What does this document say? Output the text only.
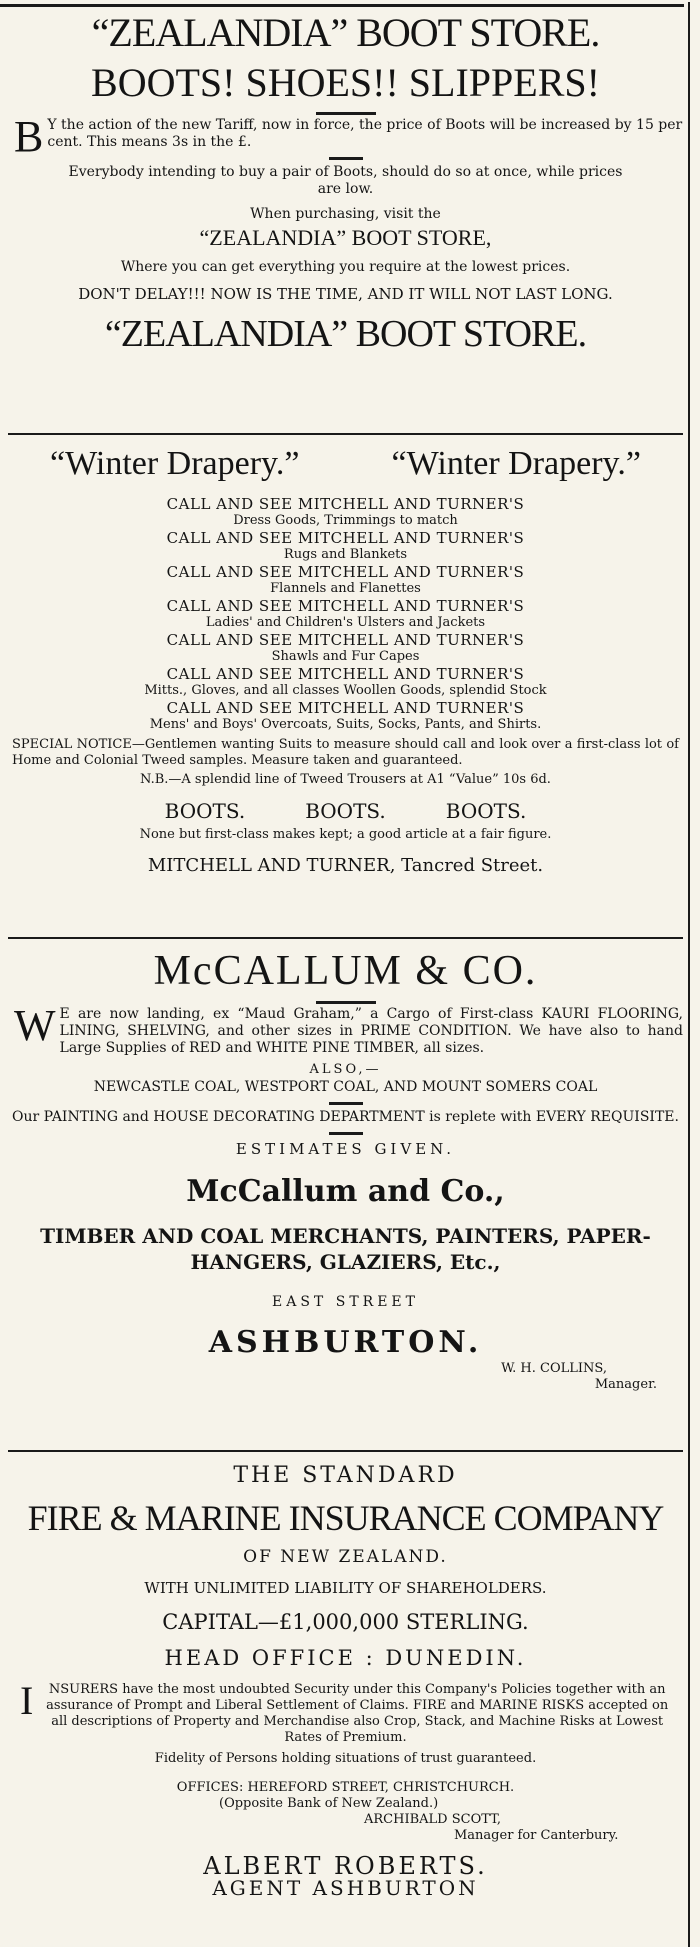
“ZEALANDIA” BOOT STORE.
BOOTS! SHOES!! SLIPPERS!
B Y the action of the new Tariff, now in force, the price of Boots will be increased by 15 per cent. This means 3s in the £.
Everybody intending to buy a pair of Boots, should do so at once, while prices are low.
When purchasing, visit the
“ZEALANDIA” BOOT STORE,
Where you can get everything you require at the lowest prices.
DON'T DELAY!!! NOW IS THE TIME, AND IT WILL NOT LAST LONG.
“ZEALANDIA” BOOT STORE.
“Winter Drapery.”	“Winter Drapery.”
CALL AND SEE MITCHELL AND TURNER'S
Dress Goods, Trimmings to match
CALL AND SEE MITCHELL AND TURNER'S
Rugs and Blankets
CALL AND SEE MITCHELL AND TURNER'S
Flannels and Flanettes
CALL AND SEE MITCHELL AND TURNER'S
Ladies' and Children's Ulsters and Jackets
CALL AND SEE MITCHELL AND TURNER'S
Shawls and Fur Capes
CALL AND SEE MITCHELL AND TURNER'S
Mitts., Gloves, and all classes Woollen Goods, splendid Stock
CALL AND SEE MITCHELL AND TURNER'S
Mens' and Boys' Overcoats, Suits, Socks, Pants, and Shirts.
SPECIAL NOTICE—Gentlemen wanting Suits to measure should call and look over a first-class lot of Home and Colonial Tweed samples. Measure taken and guaranteed.
N.B.—A splendid line of Tweed Trousers at A1 “Value” 10s 6d.
BOOTS.	BOOTS.	BOOTS.
None but first-class makes kept; a good article at a fair figure.
MITCHELL AND TURNER, Tancred Street.
McCALLUM & CO.
W E are now landing, ex “Maud Graham,” a Cargo of First-class KAURI FLOORING, LINING, SHELVING, and other sizes in PRIME CONDITION. We have also to hand Large Supplies of RED and WHITE PINE TIMBER, all sizes.
ALSO,—
NEWCASTLE COAL, WESTPORT COAL, AND MOUNT SOMERS COAL
Our PAINTING and HOUSE DECORATING DEPARTMENT is replete with EVERY REQUISITE.
ESTIMATES GIVEN.
McCallum and Co.,
TIMBER AND COAL MERCHANTS, PAINTERS, PAPER-HANGERS, GLAZIERS, Etc.,
EAST STREET
ASHBURTON.
W. H. COLLINS,
Manager.
THE STANDARD
FIRE & MARINE INSURANCE COMPANY
OF NEW ZEALAND.
WITH UNLIMITED LIABILITY OF SHAREHOLDERS.
CAPITAL—£1,000,000 STERLING.
HEAD OFFICE : DUNEDIN.
I NSURERS have the most undoubted Security under this Company's Policies together with an assurance of Prompt and Liberal Settlement of Claims. FIRE and MARINE RISKS accepted on all descriptions of Property and Merchandise also Crop, Stack, and Machine Risks at Lowest Rates of Premium.
Fidelity of Persons holding situations of trust guaranteed.
OFFICES: HEREFORD STREET, CHRISTCHURCH.
(Opposite Bank of New Zealand.)
ARCHIBALD SCOTT,
Manager for Canterbury.
ALBERT ROBERTS.
AGENT ASHBURTON
